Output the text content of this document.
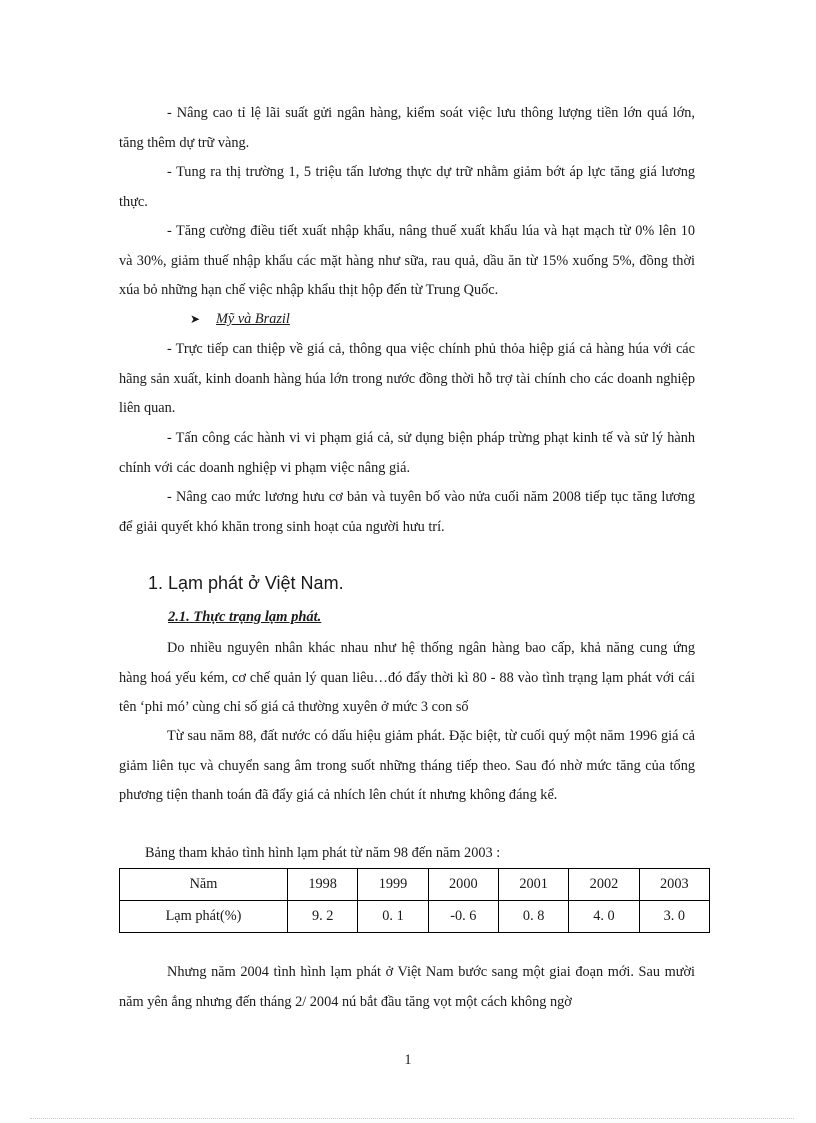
- Nâng cao tỉ lệ lãi suất gửi ngân hàng, kiểm soát việc lưu thông lượng tiền lớn quá lớn, tăng thêm dự trữ vàng.

- Tung ra thị trường 1, 5 triệu tấn lương thực dự trữ nhằm giảm bớt áp lực tăng giá lương thực.

- Tăng cường điều tiết xuất nhập khẩu, nâng thuế xuất khẩu lúa và hạt mạch từ 0% lên 10 và 30%, giảm thuế nhập khẩu các mặt hàng như sữa, rau quả, dầu ăn từ 15% xuống 5%, đồng thời xúa bỏ những hạn chế việc nhập khẩu thịt hộp đến từ Trung Quốc.

➤ Mỹ và Brazil

- Trực tiếp can thiệp về giá cả, thông qua việc chính phủ thỏa hiệp giá cả hàng húa với các hãng sản xuất, kinh doanh hàng húa lớn trong nước đồng thời hỗ trợ tài chính cho các doanh nghiệp liên quan.

- Tấn công các hành vi vi phạm giá cả, sử dụng biện pháp trừng phạt kinh tế và sử lý hành chính với các doanh nghiệp vi phạm việc nâng giá.

- Nâng cao mức lương hưu cơ bản và tuyên bố vào nửa cuối năm 2008 tiếp tục tăng lương để giải quyết khó khăn trong sinh hoạt của người hưu trí.

1. Lạm phát ở Việt Nam.
2.1. Thực trạng lạm phát.

Do nhiều nguyên nhân khác nhau như hệ thống ngân hàng bao cấp, khả năng cung ứng hàng hoá yếu kém, cơ chế quản lý quan liêu…đó đẩy thời kì 80 - 88 vào tình trạng lạm phát với cái tên ‘phi mó’ cùng chỉ số giá cả thường xuyên ở mức 3 con số

Từ sau năm 88, đất nước có dấu hiệu giảm phát. Đặc biệt, từ cuối quý một năm 1996 giá cả giảm liên tục và chuyển sang âm trong suốt những tháng tiếp theo. Sau đó nhờ mức tăng của tổng phương tiện thanh toán đã đẩy giá cả nhích lên chút ít nhưng không đáng kể.

Bảng tham khảo tình hình lạm phát từ năm 98 đến năm 2003 :
Năm	1998	1999	2000	2001	2002	2003
Lạm phát(%)	9. 2	0. 1	-0. 6	0. 8	4. 0	3. 0

Nhưng năm 2004 tình hình lạm phát ở Việt Nam bước sang một giai đoạn mới. Sau mười năm yên ắng nhưng đến tháng 2/ 2004 nú bắt đầu tăng vọt một cách không ngờ

1
